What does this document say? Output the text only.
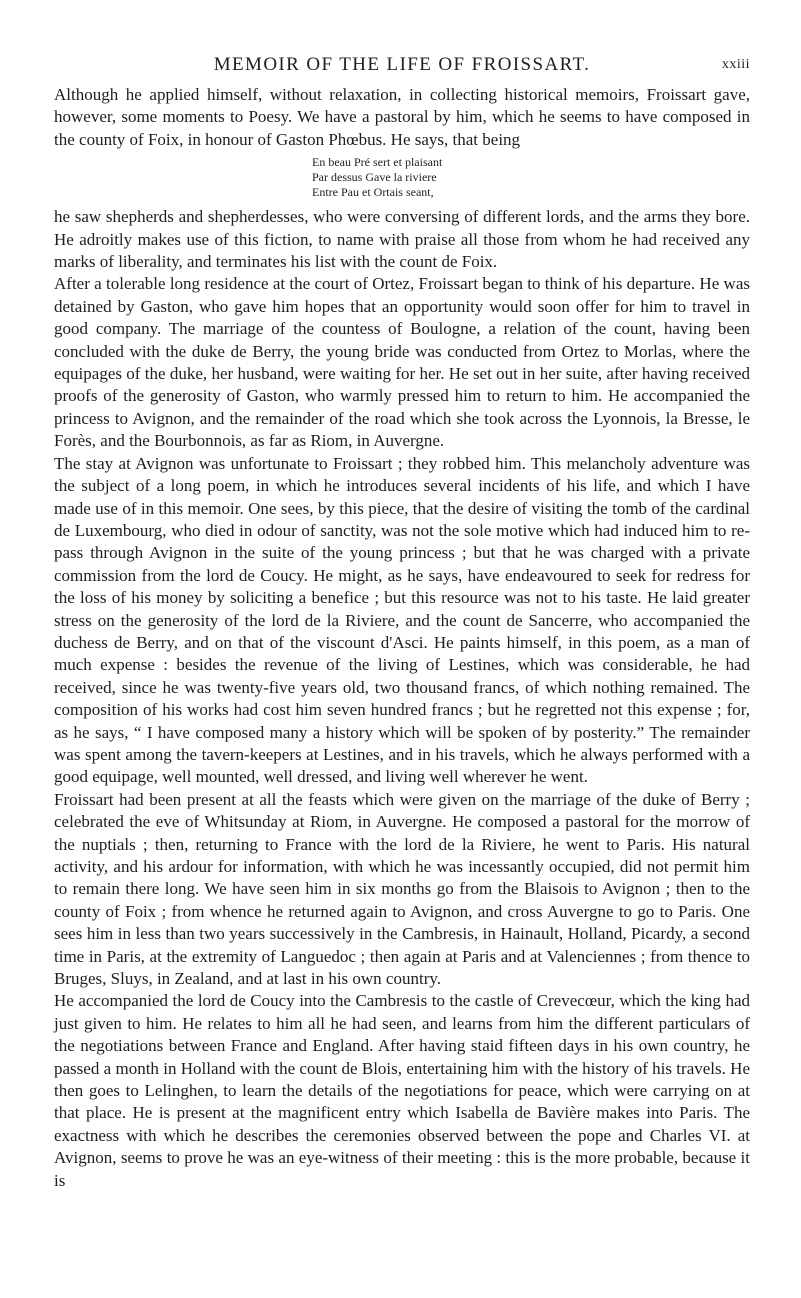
MEMOIR OF THE LIFE OF FROISSART.	xxiii

Although he applied himself, without relaxation, in collecting historical memoirs, Froissart gave, however, some moments to Poesy. We have a pastoral by him, which he seems to have composed in the county of Foix, in honour of Gaston Phœbus. He says, that being

En beau Pré sert et plaisant
Par dessus Gave la riviere
Entre Pau et Ortais seant,

he saw shepherds and shepherdesses, who were conversing of different lords, and the arms they bore. He adroitly makes use of this fiction, to name with praise all those from whom he had received any marks of liberality, and terminates his list with the count de Foix.

After a tolerable long residence at the court of Ortez, Froissart began to think of his departure. He was detained by Gaston, who gave him hopes that an opportunity would soon offer for him to travel in good company. The marriage of the countess of Boulogne, a relation of the count, having been concluded with the duke de Berry, the young bride was conducted from Ortez to Morlas, where the equipages of the duke, her husband, were waiting for her. He set out in her suite, after having received proofs of the generosity of Gaston, who warmly pressed him to return to him. He accompanied the princess to Avignon, and the remainder of the road which she took across the Lyonnois, la Bresse, le Forès, and the Bourbonnois, as far as Riom, in Auvergne.

The stay at Avignon was unfortunate to Froissart ; they robbed him. This melancholy adventure was the subject of a long poem, in which he introduces several incidents of his life, and which I have made use of in this memoir. One sees, by this piece, that the desire of visiting the tomb of the cardinal de Luxembourg, who died in odour of sanctity, was not the sole motive which had induced him to re-pass through Avignon in the suite of the young princess ; but that he was charged with a private commission from the lord de Coucy. He might, as he says, have endeavoured to seek for redress for the loss of his money by soliciting a benefice ; but this resource was not to his taste. He laid greater stress on the generosity of the lord de la Riviere, and the count de Sancerre, who accompanied the duchess de Berry, and on that of the viscount d'Asci. He paints himself, in this poem, as a man of much expense : besides the revenue of the living of Lestines, which was considerable, he had received, since he was twenty-five years old, two thousand francs, of which nothing remained. The composition of his works had cost him seven hundred francs ; but he regretted not this expense ; for, as he says, “ I have composed many a history which will be spoken of by posterity.” The remainder was spent among the tavern-keepers at Lestines, and in his travels, which he always performed with a good equipage, well mounted, well dressed, and living well wherever he went.

Froissart had been present at all the feasts which were given on the marriage of the duke of Berry ; celebrated the eve of Whitsunday at Riom, in Auvergne. He composed a pastoral for the morrow of the nuptials ; then, returning to France with the lord de la Riviere, he went to Paris. His natural activity, and his ardour for information, with which he was incessantly occupied, did not permit him to remain there long. We have seen him in six months go from the Blaisois to Avignon ; then to the county of Foix ; from whence he returned again to Avignon, and cross Auvergne to go to Paris. One sees him in less than two years successively in the Cambresis, in Hainault, Holland, Picardy, a second time in Paris, at the extremity of Languedoc ; then again at Paris and at Valenciennes ; from thence to Bruges, Sluys, in Zealand, and at last in his own country.

He accompanied the lord de Coucy into the Cambresis to the castle of Crevecœur, which the king had just given to him. He relates to him all he had seen, and learns from him the different particulars of the negotiations between France and England. After having staid fifteen days in his own country, he passed a month in Holland with the count de Blois, entertaining him with the history of his travels. He then goes to Lelinghen, to learn the details of the negotiations for peace, which were carrying on at that place. He is present at the magnificent entry which Isabella de Bavière makes into Paris. The exactness with which he describes the ceremonies observed between the pope and Charles VI. at Avignon, seems to prove he was an eye-witness of their meeting : this is the more probable, because it is
